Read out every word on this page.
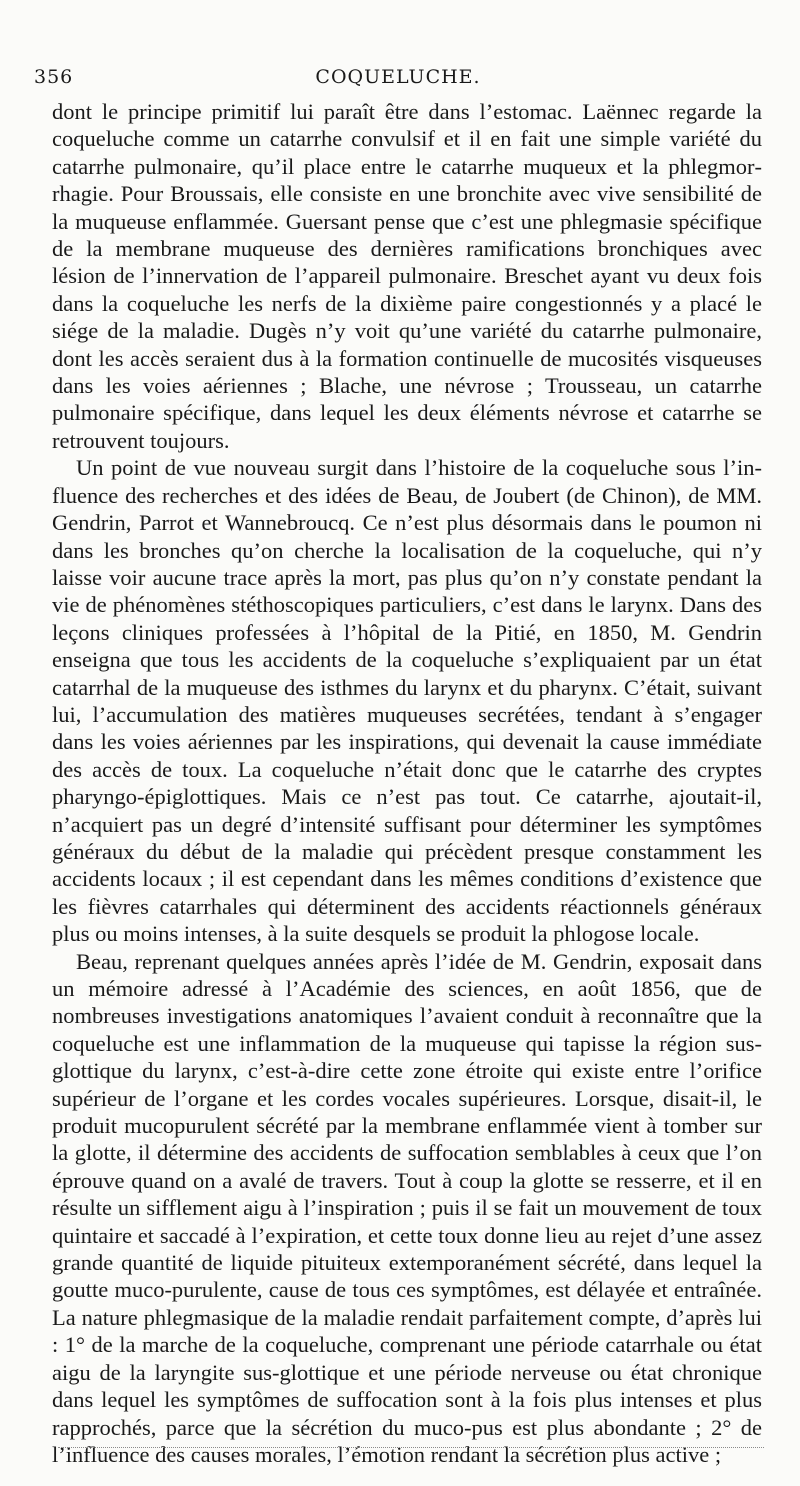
356	COQUELUCHE.

dont le principe primitif lui paraît être dans l’estomac. Laënnec regarde la coqueluche comme un catarrhe convulsif et il en fait une simple variété du catarrhe pulmonaire, qu’il place entre le catarrhe muqueux et la phlegmorrhagie. Pour Broussais, elle consiste en une bronchite avec vive sensibilité de la muqueuse enflammée. Guersant pense que c’est une phlegmasie spécifique de la membrane muqueuse des dernières ramifications bronchiques avec lésion de l’innervation de l’appareil pulmonaire. Breschet ayant vu deux fois dans la coqueluche les nerfs de la dixième paire congestionnés y a placé le siége de la maladie. Dugès n’y voit qu’une variété du catarrhe pulmonaire, dont les accès seraient dus à la formation continuelle de mucosités visqueuses dans les voies aériennes ; Blache, une névrose ; Trousseau, un catarrhe pulmonaire spécifique, dans lequel les deux éléments névrose et catarrhe se retrouvent toujours.

Un point de vue nouveau surgit dans l’histoire de la coqueluche sous l’influence des recherches et des idées de Beau, de Joubert (de Chinon), de MM. Gendrin, Parrot et Wannebroucq. Ce n’est plus désormais dans le poumon ni dans les bronches qu’on cherche la localisation de la coqueluche, qui n’y laisse voir aucune trace après la mort, pas plus qu’on n’y constate pendant la vie de phénomènes stéthoscopiques particuliers, c’est dans le larynx. Dans des leçons cliniques professées à l’hôpital de la Pitié, en 1850, M. Gendrin enseigna que tous les accidents de la coqueluche s’expliquaient par un état catarrhal de la muqueuse des isthmes du larynx et du pharynx. C’était, suivant lui, l’accumulation des matières muqueuses secrétées, tendant à s’engager dans les voies aériennes par les inspirations, qui devenait la cause immédiate des accès de toux. La coqueluche n’était donc que le catarrhe des cryptes pharyngo-épiglottiques. Mais ce n’est pas tout. Ce catarrhe, ajoutait-il, n’acquiert pas un degré d’intensité suffisant pour déterminer les symptômes généraux du début de la maladie qui précèdent presque constamment les accidents locaux ; il est cependant dans les mêmes conditions d’existence que les fièvres catarrhales qui déterminent des accidents réactionnels généraux plus ou moins intenses, à la suite desquels se produit la phlogose locale.

Beau, reprenant quelques années après l’idée de M. Gendrin, exposait dans un mémoire adressé à l’Académie des sciences, en août 1856, que de nombreuses investigations anatomiques l’avaient conduit à reconnaître que la coqueluche est une inflammation de la muqueuse qui tapisse la région sus-glottique du larynx, c’est-à-dire cette zone étroite qui existe entre l’orifice supérieur de l’organe et les cordes vocales supérieures. Lorsque, disait-il, le produit mucopurulent sécrété par la membrane enflammée vient à tomber sur la glotte, il détermine des accidents de suffocation semblables à ceux que l’on éprouve quand on a avalé de travers. Tout à coup la glotte se resserre, et il en résulte un sifflement aigu à l’inspiration ; puis il se fait un mouvement de toux quintaire et saccadé à l’expiration, et cette toux donne lieu au rejet d’une assez grande quantité de liquide pituiteux extemporanément sécrété, dans lequel la goutte muco-purulente, cause de tous ces symptômes, est délayée et entraînée. La nature phlegmasique de la maladie rendait parfaitement compte, d’après lui : 1° de la marche de la coqueluche, comprenant une période catarrhale ou état aigu de la laryngite sus-glottique et une période nerveuse ou état chronique dans lequel les symptômes de suffocation sont à la fois plus intenses et plus rapprochés, parce que la sécrétion du muco-pus est plus abondante ; 2° de l’influence des causes morales, l’émotion rendant la sécrétion plus active ;
